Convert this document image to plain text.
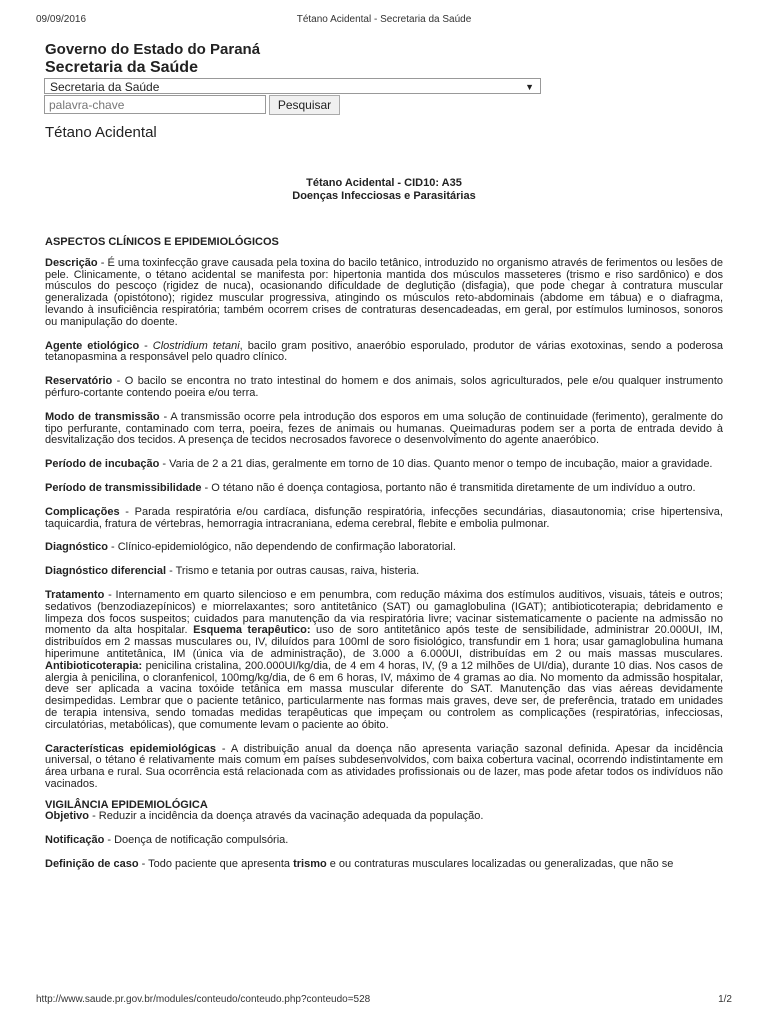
09/09/2016	Tétano Acidental - Secretaria da Saúde
Governo do Estado do Paraná
Secretaria da Saúde
Secretaria da Saúde	▼
palavra-chave
Pesquisar
Tétano Acidental
Tétano Acidental - CID10: A35
Doenças Infecciosas e Parasitárias

ASPECTOS CLÍNICOS E EPIDEMIOLÓGICOS

Descrição - É uma toxinfecção grave causada pela toxina do bacilo tetânico, introduzido no organismo através de ferimentos ou lesões de pele. Clinicamente, o tétano acidental se manifesta por: hipertonia mantida dos músculos masseteres (trismo e riso sardônico) e dos músculos do pescoço (rigidez de nuca), ocasionando dificuldade de deglutição (disfagia), que pode chegar à contratura muscular generalizada (opistótono); rigidez muscular progressiva, atingindo os músculos reto-abdominais (abdome em tábua) e o diafragma, levando à insuficiência respiratória; também ocorrem crises de contraturas desencadeadas, em geral, por estímulos luminosos, sonoros ou manipulação do doente.

Agente etiológico - Clostridium tetani, bacilo gram positivo, anaeróbio esporulado, produtor de várias exotoxinas, sendo a poderosa tetanopasmina a responsável pelo quadro clínico.

Reservatório - O bacilo se encontra no trato intestinal do homem e dos animais, solos agriculturados, pele e/ou qualquer instrumento pérfuro-cortante contendo poeira e/ou terra.

Modo de transmissão - A transmissão ocorre pela introdução dos esporos em uma solução de continuidade (ferimento), geralmente do tipo perfurante, contaminado com terra, poeira, fezes de animais ou humanas. Queimaduras podem ser a porta de entrada devido à desvitalização dos tecidos. A presença de tecidos necrosados favorece o desenvolvimento do agente anaeróbico.

Período de incubação - Varia de 2 a 21 dias, geralmente em torno de 10 dias. Quanto menor o tempo de incubação, maior a gravidade.

Período de transmissibilidade - O tétano não é doença contagiosa, portanto não é transmitida diretamente de um indivíduo a outro.

Complicações - Parada respiratória e/ou cardíaca, disfunção respiratória, infecções secundárias, diasautonomia; crise hipertensiva, taquicardia, fratura de vértebras, hemorragia intracraniana, edema cerebral, flebite e embolia pulmonar.

Diagnóstico - Clínico-epidemiológico, não dependendo de confirmação laboratorial.

Diagnóstico diferencial - Trismo e tetania por outras causas, raiva, histeria.

Tratamento - Internamento em quarto silencioso e em penumbra, com redução máxima dos estímulos auditivos, visuais, táteis e outros; sedativos (benzodiazepínicos) e miorrelaxantes; soro antitetânico (SAT) ou gamaglobulina (IGAT); antibioticoterapia; debridamento e limpeza dos focos suspeitos; cuidados para manutenção da via respiratória livre; vacinar sistematicamente o paciente na admissão no momento da alta hospitalar. Esquema terapêutico: uso de soro antitetânico após teste de sensibilidade, administrar 20.000UI, IM, distribuídos em 2 massas musculares ou, IV, diluídos para 100ml de soro fisiológico, transfundir em 1 hora; usar gamaglobulina humana hiperimune antitetânica, IM (única via de administração), de 3.000 a 6.000UI, distribuídas em 2 ou mais massas musculares. Antibioticoterapia: penicilina cristalina, 200.000UI/kg/dia, de 4 em 4 horas, IV, (9 a 12 milhões de UI/dia), durante 10 dias. Nos casos de alergia à penicilina, o cloranfenicol, 100mg/kg/dia, de 6 em 6 horas, IV, máximo de 4 gramas ao dia. No momento da admissão hospitalar, deve ser aplicada a vacina toxóide tetânica em massa muscular diferente do SAT. Manutenção das vias aéreas devidamente desimpedidas. Lembrar que o paciente tetânico, particularmente nas formas mais graves, deve ser, de preferência, tratado em unidades de terapia intensiva, sendo tomadas medidas terapêuticas que impeçam ou controlem as complicações (respiratórias, infecciosas, circulatórias, metabólicas), que comumente levam o paciente ao óbito.

Características epidemiológicas - A distribuição anual da doença não apresenta variação sazonal definida. Apesar da incidência universal, o tétano é relativamente mais comum em países subdesenvolvidos, com baixa cobertura vacinal, ocorrendo indistintamente em área urbana e rural. Sua ocorrência está relacionada com as atividades profissionais ou de lazer, mas pode afetar todos os indivíduos não vacinados.

VIGILÂNCIA EPIDEMIOLÓGICA

Objetivo - Reduzir a incidência da doença através da vacinação adequada da população.

Notificação - Doença de notificação compulsória.

Definição de caso - Todo paciente que apresenta trismo e ou contraturas musculares localizadas ou generalizadas, que não se

http://www.saude.pr.gov.br/modules/conteudo/conteudo.php?conteudo=528	1/2
